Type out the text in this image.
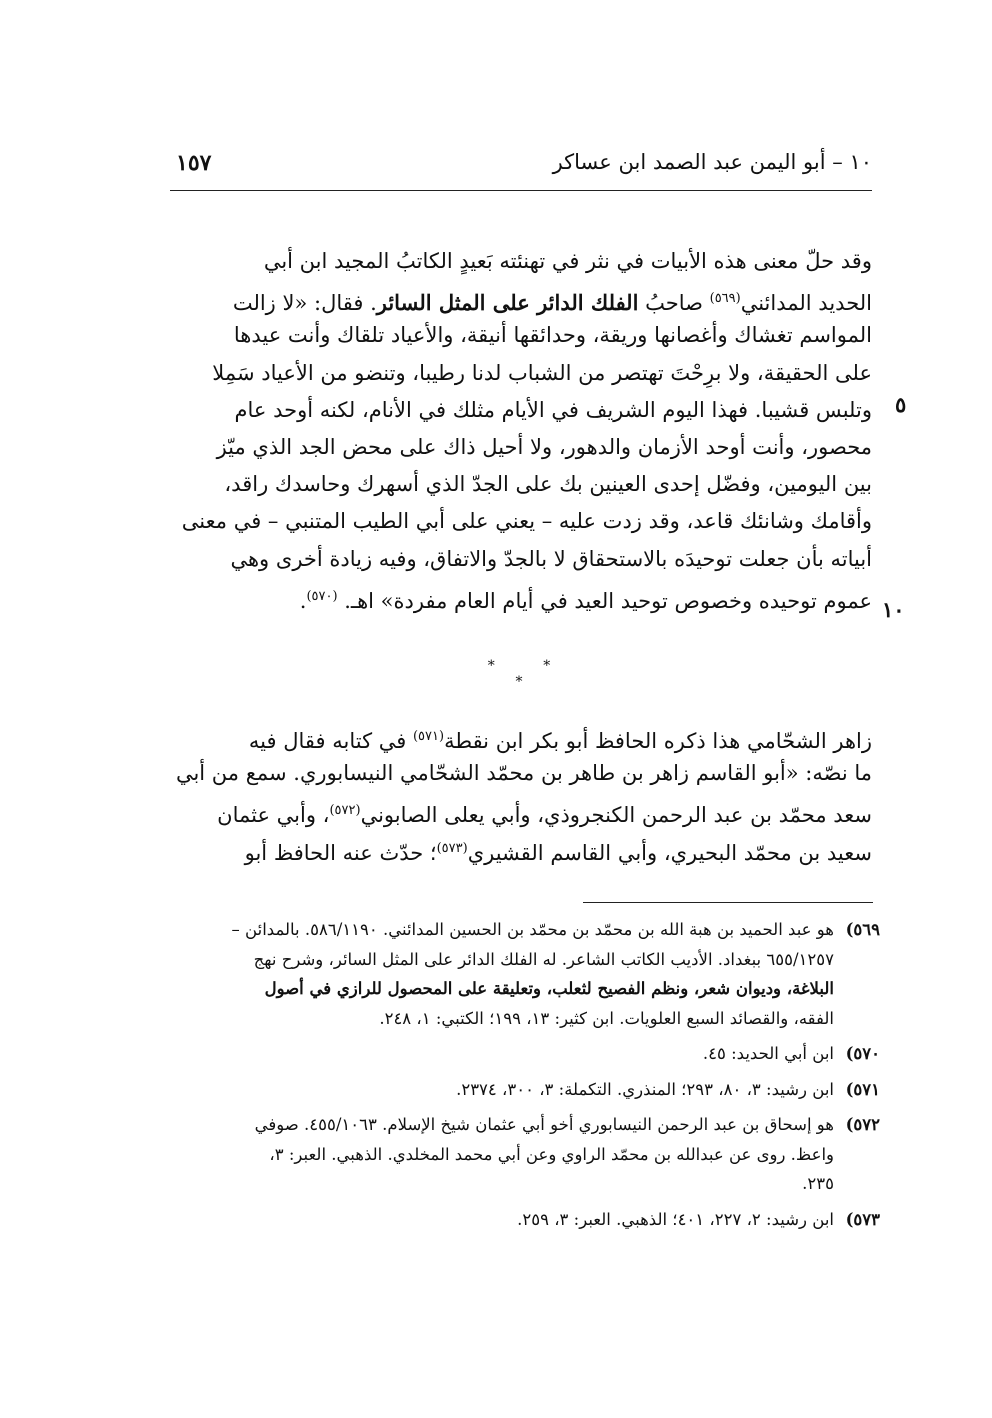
١٠ – أبو اليمن عبد الصمد ابن عساكر
١٥٧
وقد حلّ معنى هذه الأبيات في نثر في تهنئته بَعيدٍ الكاتبُ المجيد ابن أبي
الحديد المدائني$^{(٥٦٩)}$ صاحبُ الفلك الدائر على المثل السائر. فقال: «لا زالت
المواسم تغشاك وأغصانها وريقة، وحدائقها أنيقة، والأعياد تلقاك وأنت عيدها
على الحقيقة، ولا برِحْتَ تهتصر من الشباب لدنا رطيبا، وتنضو من الأعياد سَمِلا
وتلبس قشيبا. فهذا اليوم الشريف في الأيام مثلك في الأنام، لكنه أوحد عام
محصور، وأنت أوحد الأزمان والدهور، ولا أحيل ذاك على محض الجد الذي ميّز
بين اليومين، وفضّل إحدى العينين بك على الجدّ الذي أسهرك وحاسدك راقد،
وأقامك وشانئك قاعد، وقد زدت عليه – يعني على أبي الطيب المتنبي – في معنى
أبياته بأن جعلت توحيدَه بالاستحقاق لا بالجدّ والاتفاق، وفيه زيادة أخرى وهي
عموم توحيده وخصوص توحيد العيد في أيام العام مفردة» اهـ. $^{(٥٧٠)}$.
٥
١٠
* * *
زاهر الشحّامي هذا ذكره الحافظ أبو بكر ابن نقطة$^{(٥٧١)}$ في كتابه فقال فيه
ما نصّه: «أبو القاسم زاهر بن طاهر بن محمّد الشحّامي النيسابوري. سمع من أبي
سعد محمّد بن عبد الرحمن الكنجروذي، وأبي يعلى الصابوني$^{(٥٧٢)}$، وأبي عثمان
سعيد بن محمّد البحيري، وأبي القاسم القشيري$^{(٥٧٣)}$؛ حدّث عنه الحافظ أبو
٥٦٩)
هو عبد الحميد بن هبة الله بن محمّد بن محمّد بن الحسين المدائني. ٥٨٦/١١٩٠. بالمدائن –
٦٥٥/١٢٥٧ ببغداد. الأديب الكاتب الشاعر. له الفلك الدائر على المثل السائر، وشرح نهج
البلاغة، وديوان شعر، ونظم الفصيح لثعلب، وتعليقة على المحصول للرازي في أصول
الفقه، والقصائد السبع العلويات. ابن كثير: ١٣، ١٩٩؛ الكتبي: ١، ٢٤٨.
٥٧٠)
ابن أبي الحديد: ٤٥.
٥٧١)
ابن رشيد: ٣، ٨٠، ٢٩٣؛ المنذري. التكملة: ٣، ٣٠٠، ٢٣٧٤.
٥٧٢)
هو إسحاق بن عبد الرحمن النيسابوري أخو أبي عثمان شيخ الإسلام. ٤٥٥/١٠٦٣. صوفي
واعظ. روى عن عبدالله بن محمّد الراوي وعن أبي محمد المخلدي. الذهبي. العبر: ٣،
٢٣٥.
٥٧٣)
ابن رشيد: ٢، ٢٢٧، ٤٠١؛ الذهبي. العبر: ٣، ٢٥٩.
